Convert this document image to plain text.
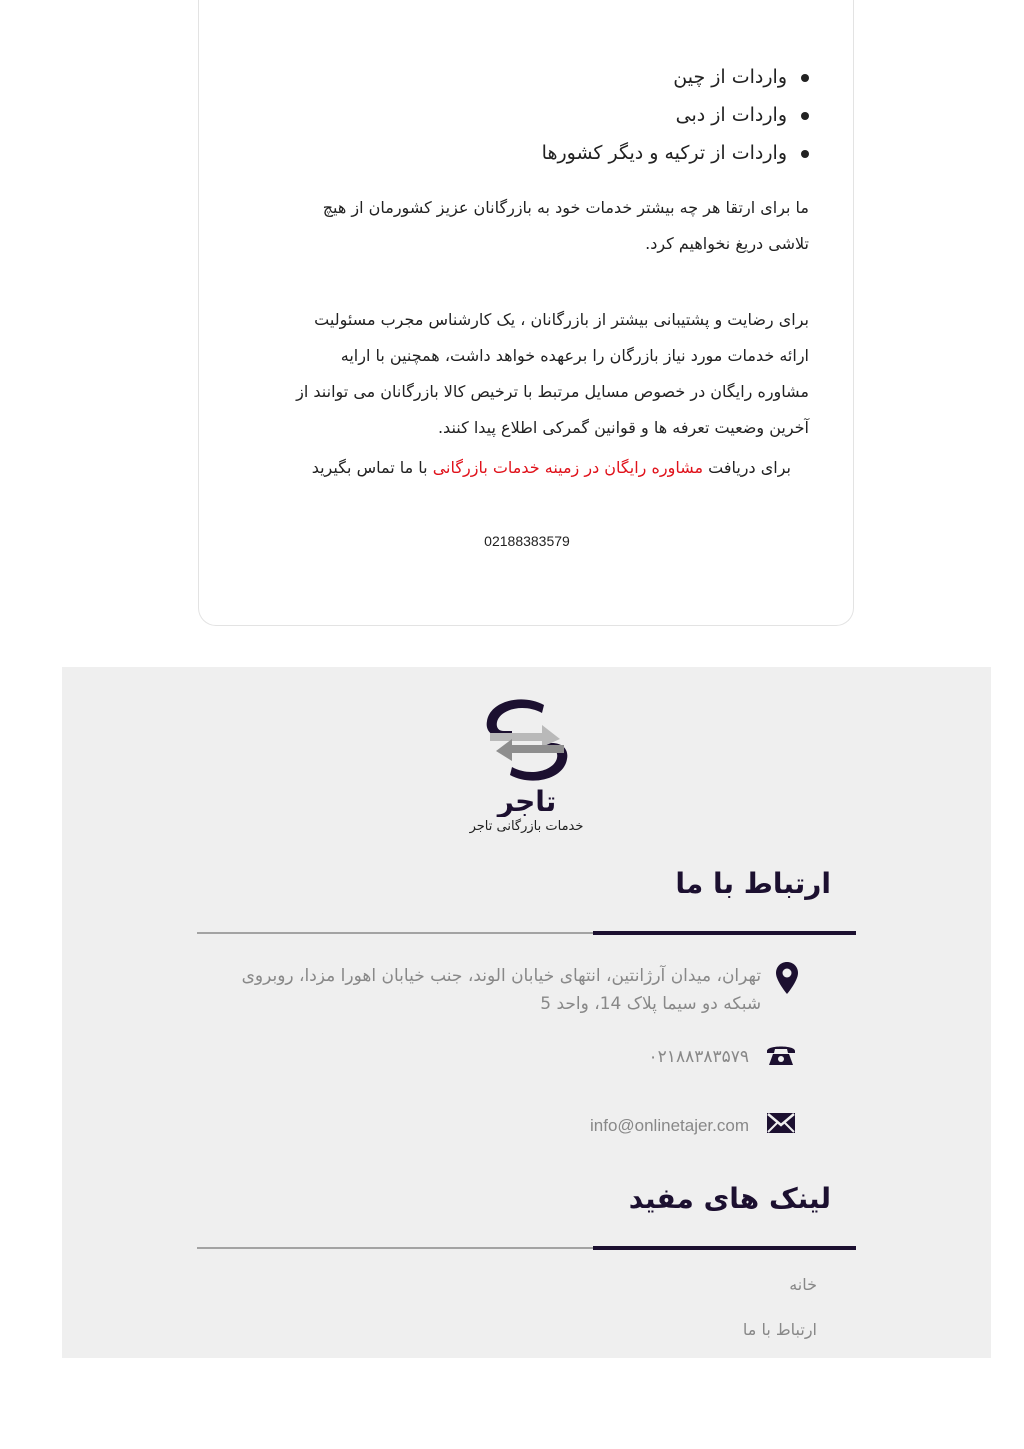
واردات از چین
واردات از دبی
واردات از ترکیه و دیگر کشورها
ما برای ارتقا هر چه بیشتر خدمات خود به بازرگانان عزیز کشورمان از هیچ
تلاشی دریغ نخواهیم کرد.
برای رضایت و پشتیبانی بیشتر از بازرگانان ، یک کارشناس مجرب مسئولیت
ارائه خدمات مورد نیاز بازرگان را برعهده خواهد داشت، همچنین با ارایه
مشاوره رایگان در خصوص مسایل مرتبط با ترخیص کالا بازرگانان می توانند از
آخرین وضعیت تعرفه ها و قوانین گمرکی اطلاع پیدا کنند.
برای دریافت مشاوره رایگان در زمینه خدمات بازرگانی با ما تماس بگیرید
02188383579
تاجر
خدمات بازرگانی تاجر
ارتباط با ما
تهران، میدان آرژانتین، انتهای خیابان الوند، جنب خیابان اهورا مزدا، روبروی شبکه دو سیما پلاک 14، واحد 5
۰۲۱۸۸۳۸۳۵۷۹
info@onlinetajer.com
لینک های مفید
خانه
ارتباط با ما
